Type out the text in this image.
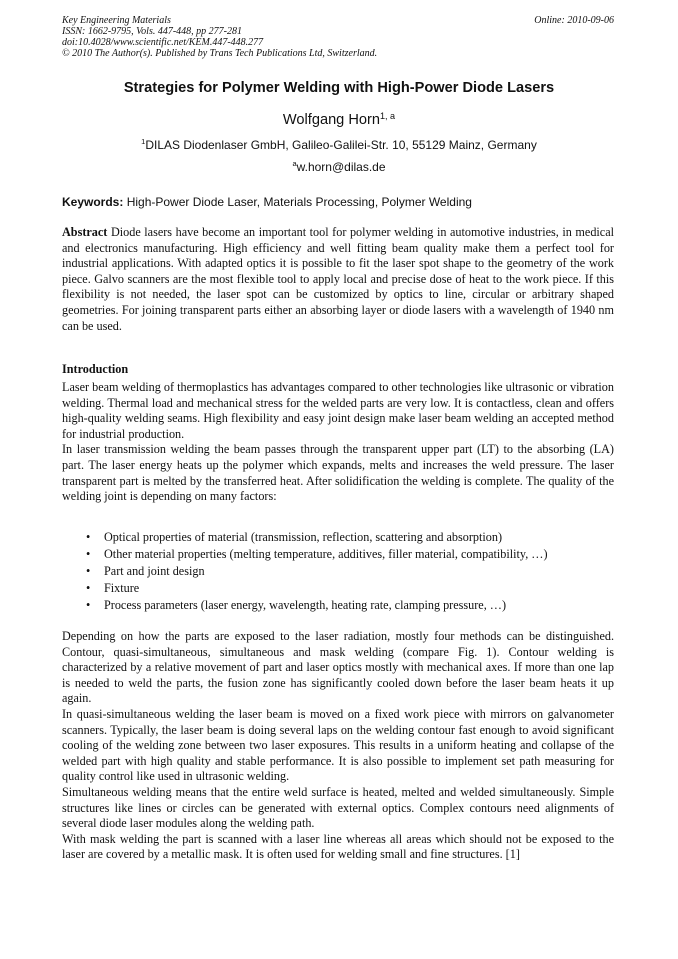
Key Engineering Materials
ISSN: 1662-9795, Vols. 447-448, pp 277-281
doi:10.4028/www.scientific.net/KEM.447-448.277
© 2010 The Author(s). Published by Trans Tech Publications Ltd, Switzerland.
Online: 2010-09-06
Strategies for Polymer Welding with High-Power Diode Lasers
Wolfgang Horn$^{1, a}$
$^1$DILAS Diodenlaser GmbH, Galileo-Galilei-Str. 10, 55129 Mainz, Germany
$^a$w.horn@dilas.de
Keywords: High-Power Diode Laser, Materials Processing, Polymer Welding
Abstract Diode lasers have become an important tool for polymer welding in automotive industries, in medical and electronics manufacturing. High efficiency and well fitting beam quality make them a perfect tool for industrial applications. With adapted optics it is possible to fit the laser spot shape to the geometry of the work piece. Galvo scanners are the most flexible tool to apply local and precise dose of heat to the work piece. If this flexibility is not needed, the laser spot can be customized by optics to line, circular or arbitrary shaped geometries. For joining transparent parts either an absorbing layer or diode lasers with a wavelength of 1940 nm can be used.
Introduction
Laser beam welding of thermoplastics has advantages compared to other technologies like ultrasonic or vibration welding. Thermal load and mechanical stress for the welded parts are very low. It is contactless, clean and offers high-quality welding seams. High flexibility and easy joint design make laser beam welding an accepted method for industrial production.
In laser transmission welding the beam passes through the transparent upper part (LT) to the absorbing (LA) part. The laser energy heats up the polymer which expands, melts and increases the weld pressure. The laser transparent part is melted by the transferred heat. After solidification the welding is complete. The quality of the welding joint is depending on many factors:
• Optical properties of material (transmission, reflection, scattering and absorption)
• Other material properties (melting temperature, additives, filler material, compatibility, …)
• Part and joint design
• Fixture
• Process parameters (laser energy, wavelength, heating rate, clamping pressure, …)
Depending on how the parts are exposed to the laser radiation, mostly four methods can be distinguished. Contour, quasi-simultaneous, simultaneous and mask welding (compare Fig. 1). Contour welding is characterized by a relative movement of part and laser optics mostly with mechanical axes. If more than one lap is needed to weld the parts, the fusion zone has significantly cooled down before the laser beam heats it up again.
In quasi-simultaneous welding the laser beam is moved on a fixed work piece with mirrors on galvanometer scanners. Typically, the laser beam is doing several laps on the welding contour fast enough to avoid significant cooling of the welding zone between two laser exposures. This results in a uniform heating and collapse of the welded part with high quality and stable performance. It is also possible to implement set path measuring for quality control like used in ultrasonic welding.
Simultaneous welding means that the entire weld surface is heated, melted and welded simultaneously. Simple structures like lines or circles can be generated with external optics. Complex contours need alignments of several diode laser modules along the welding path.
With mask welding the part is scanned with a laser line whereas all areas which should not be exposed to the laser are covered by a metallic mask. It is often used for welding small and fine structures. [1]
